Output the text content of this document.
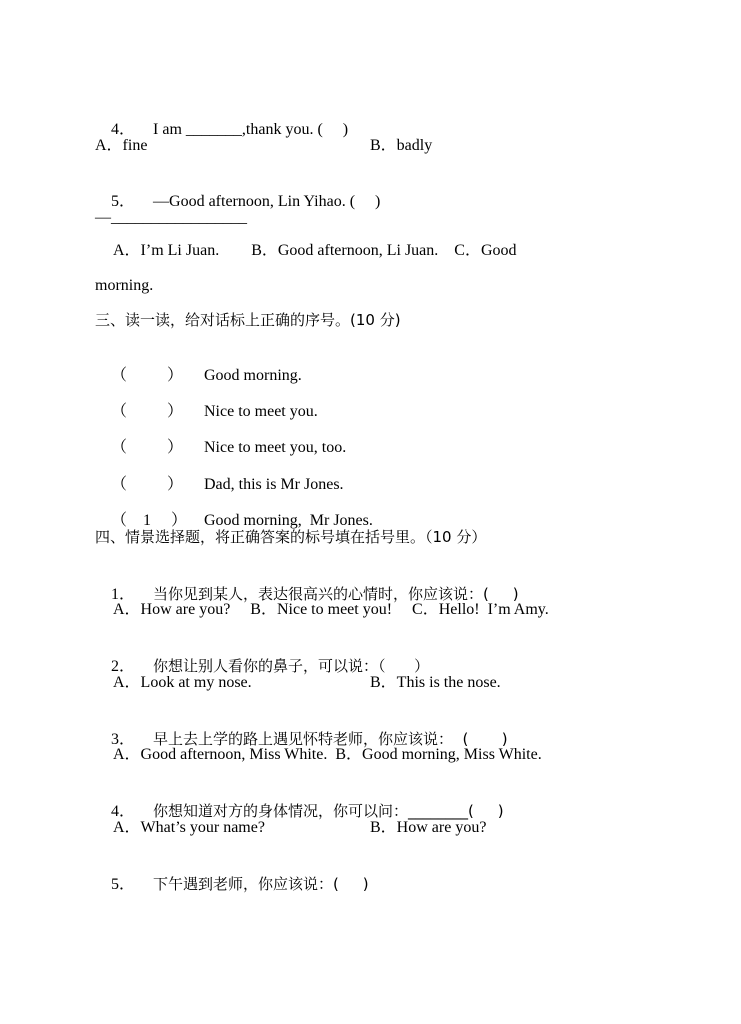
4． I am _______,thank you. (     )

A．fine	B．badly

5． —Good afternoon, Lin Yihao. (     )

—_________________
A．I’m Li Juan.        B．Good afternoon, Li Juan.    C．Good
morning.
三、读一读，给对话标上正确的序号。(10 分)

（          ） Good morning.

（          ） Nice to meet you.

（          ） Nice to meet you, too.

（          ） Dad, this is Mr Jones.

（    1     ） Good morning,  Mr Jones.

四、情景选择题，将正确答案的标号填在括号里。（10 分）

1． 当你见到某人，表达很高兴的心情时，你应该说：(     )

A．How are you?     B．Nice to meet you!     C．Hello!  I’m Amy.

2． 你想让别人看你的鼻子，可以说：（      ）

A．Look at my nose.	B．This is the nose.

3． 早上去上学的路上遇见怀特老师，你应该说：  (       )

A．Good afternoon, Miss White.  B．Good morning, Miss White.

4． 你想知道对方的身体情况，你可以问：________(     )

A．What’s your name?	B．How are you?

5． 下午遇到老师，你应该说：(     )
